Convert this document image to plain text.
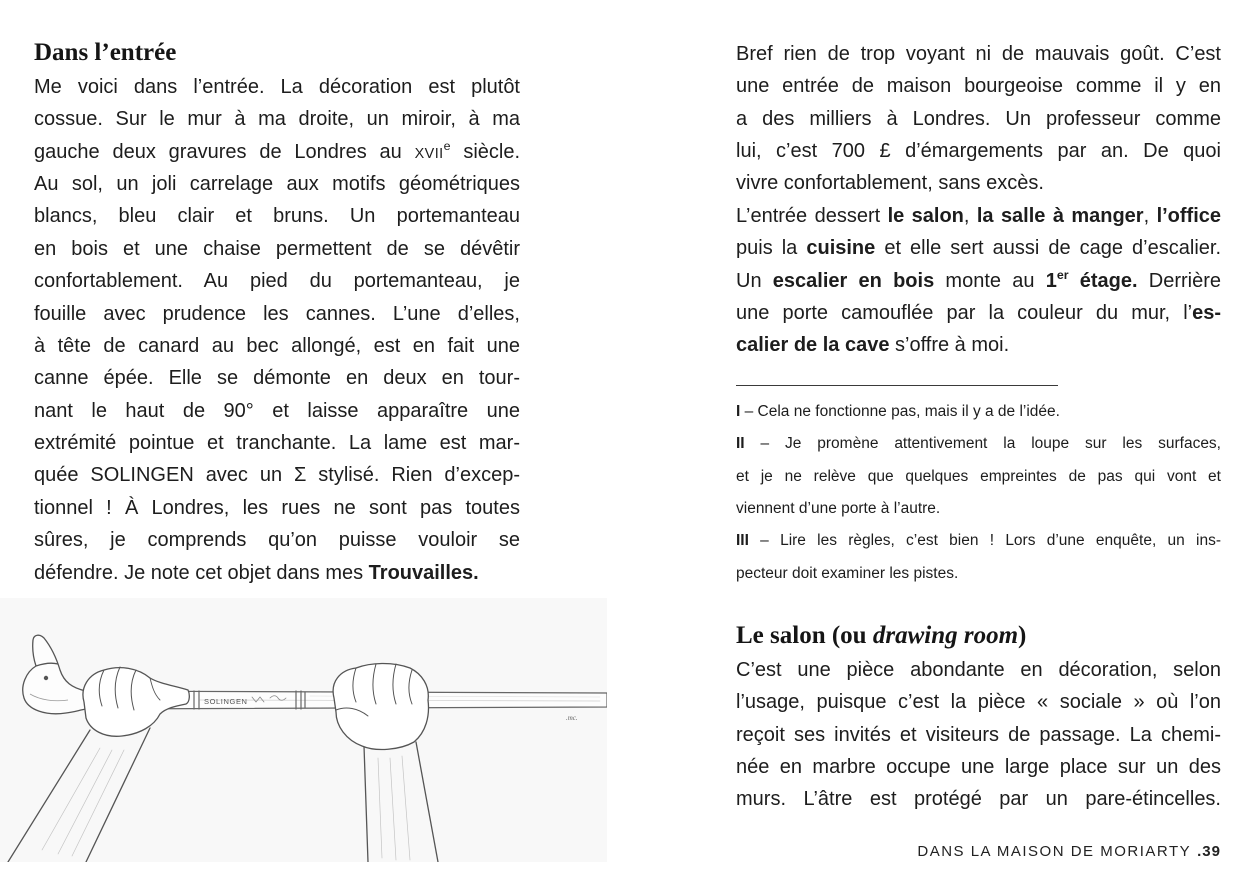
Dans l’entrée
Me voici dans l’entrée. La décoration est plutôt
cossue. Sur le mur à ma droite, un miroir, à ma
gauche deux gravures de Londres au XVIIe siècle.
Au sol, un joli carrelage aux motifs géométriques
blancs, bleu clair et bruns. Un portemanteau
en bois et une chaise permettent de se dévêtir
confortablement. Au pied du portemanteau, je
fouille avec prudence les cannes. L’une d’elles,
à tête de canard au bec allongé, est en fait une
canne épée. Elle se démonte en deux en tour-
nant le haut de 90° et laisse apparaître une
extrémité pointue et tranchante. La lame est mar-
quée SOLINGEN avec un Σ stylisé. Rien d’excep-
tionnel ! À Londres, les rues ne sont pas toutes
sûres, je comprends qu’on puisse vouloir se
défendre. Je note cet objet dans mes Trouvailles.
SOLINGEN
.mc.
Bref rien de trop voyant ni de mauvais goût. C’est
une entrée de maison bourgeoise comme il y en
a des milliers à Londres. Un professeur comme
lui, c’est 700 £ d’émargements par an. De quoi
vivre confortablement, sans excès.
L’entrée dessert le salon, la salle à manger, l’office
puis la cuisine et elle sert aussi de cage d’escalier.
Un escalier en bois monte au 1er étage. Derrière
une porte camouflée par la couleur du mur, l’es-
calier de la cave s’offre à moi.
I – Cela ne fonctionne pas, mais il y a de l’idée.
II – Je promène attentivement la loupe sur les surfaces,
et je ne relève que quelques empreintes de pas qui vont et
viennent d’une porte à l’autre.
III – Lire les règles, c’est bien ! Lors d’une enquête, un ins-
pecteur doit examiner les pistes.
Le salon (ou drawing room)
C’est une pièce abondante en décoration, selon
l’usage, puisque c’est la pièce « sociale » où l’on
reçoit ses invités et visiteurs de passage. La chemi-
née en marbre occupe une large place sur un des
murs. L’âtre est protégé par un pare-étincelles.
DANS LA MAISON DE MORIARTY .39
